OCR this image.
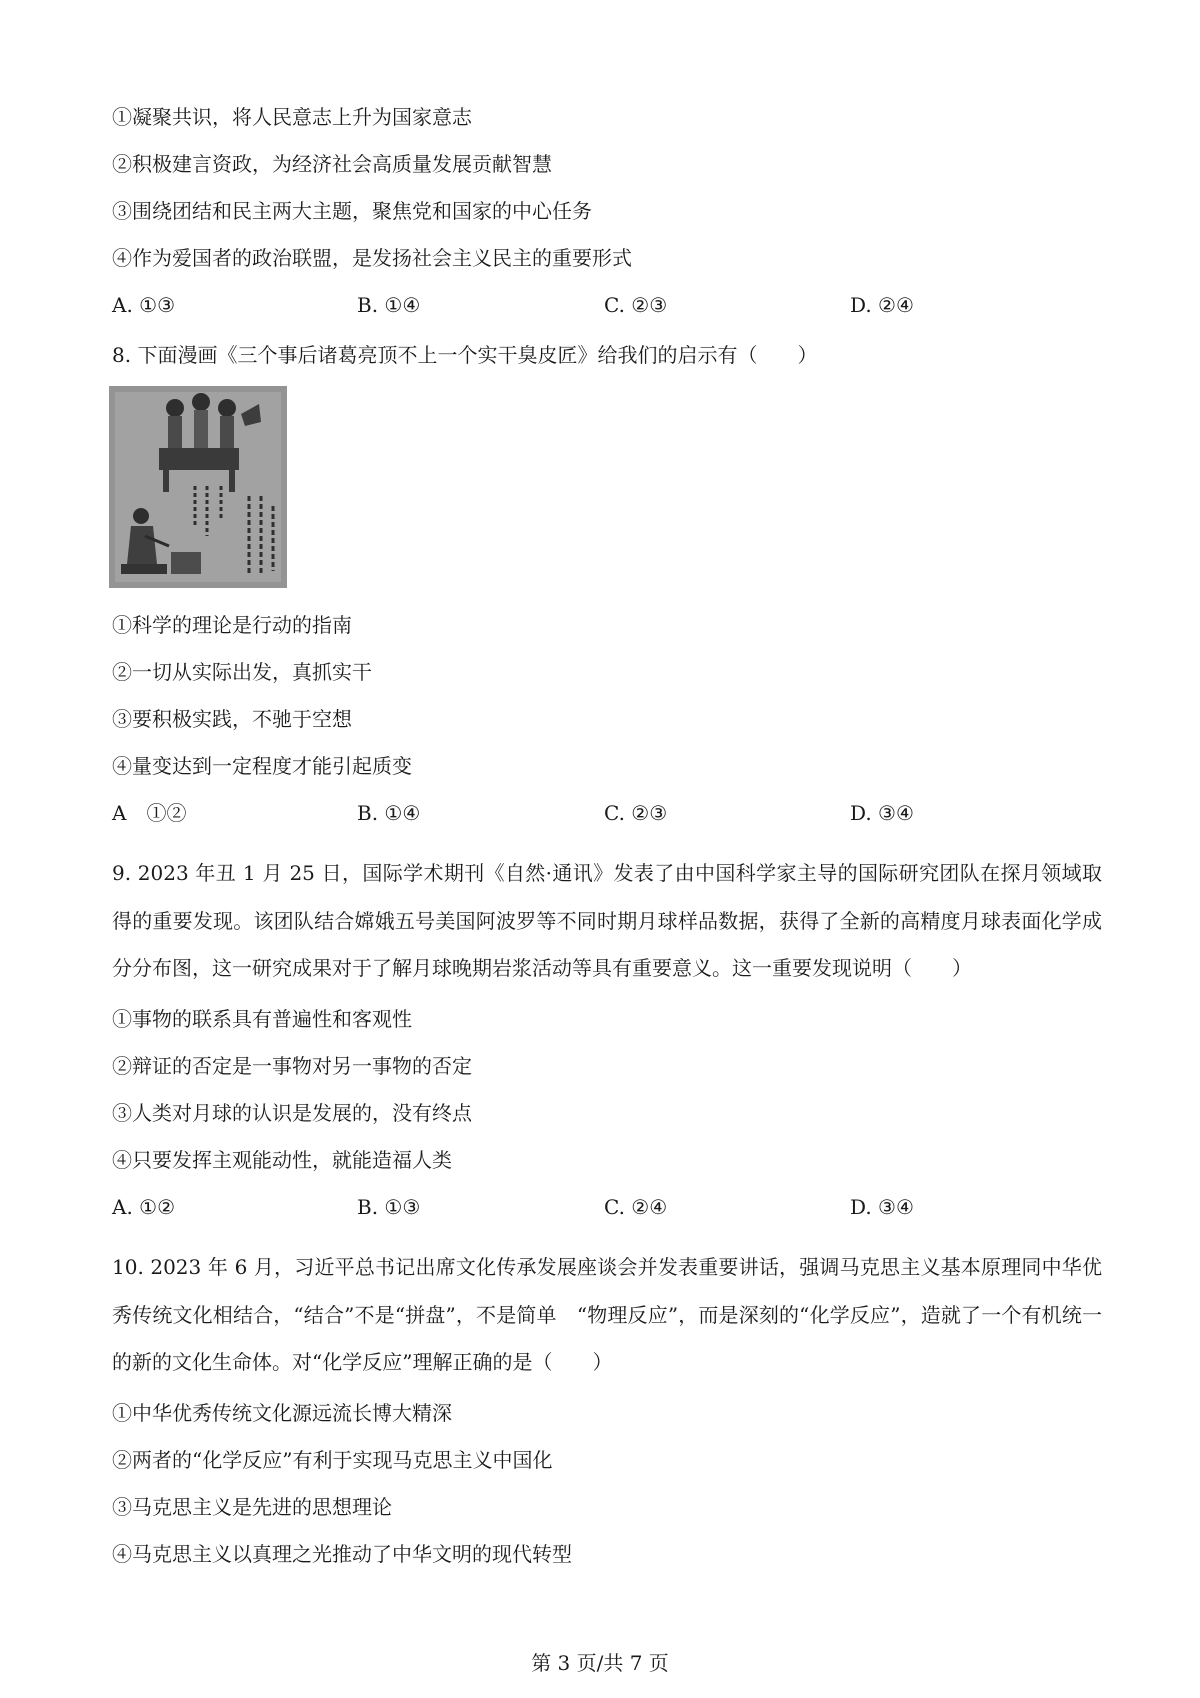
①凝聚共识，将人民意志上升为国家意志
②积极建言资政，为经济社会高质量发展贡献智慧
③围绕团结和民主两大主题，聚焦党和国家的中心任务
④作为爱国者的政治联盟，是发扬社会主义民主的重要形式
A. ①③	B. ①④	C. ②③	D. ②④
8. 下面漫画《三个事后诸葛亮顶不上一个实干臭皮匠》给我们的启示有（　　）
①科学的理论是行动的指南
②一切从实际出发，真抓实干
③要积极实践，不驰于空想
④量变达到一定程度才能引起质变
A　①②	B. ①④	C. ②③	D. ③④
9. 2023 年丑 1 月 25 日，国际学术期刊《自然·通讯》发表了由中国科学家主导的国际研究团队在探月领域取得的重要发现。该团队结合嫦娥五号美国阿波罗等不同时期月球样品数据，获得了全新的高精度月球表面化学成分分布图，这一研究成果对于了解月球晚期岩浆活动等具有重要意义。这一重要发现说明（　　）
①事物的联系具有普遍性和客观性
②辩证的否定是一事物对另一事物的否定
③人类对月球的认识是发展的，没有终点
④只要发挥主观能动性，就能造福人类
A. ①②	B. ①③	C. ②④	D. ③④
10. 2023 年 6 月，习近平总书记出席文化传承发展座谈会并发表重要讲话，强调马克思主义基本原理同中华优秀传统文化相结合，“结合”不是“拼盘”，不是简单　“物理反应”，而是深刻的“化学反应”，造就了一个有机统一的新的文化生命体。对“化学反应”理解正确的是（　　）
①中华优秀传统文化源远流长博大精深
②两者的“化学反应”有利于实现马克思主义中国化
③马克思主义是先进的思想理论
④马克思主义以真理之光推动了中华文明的现代转型
第 3 页/共 7 页
